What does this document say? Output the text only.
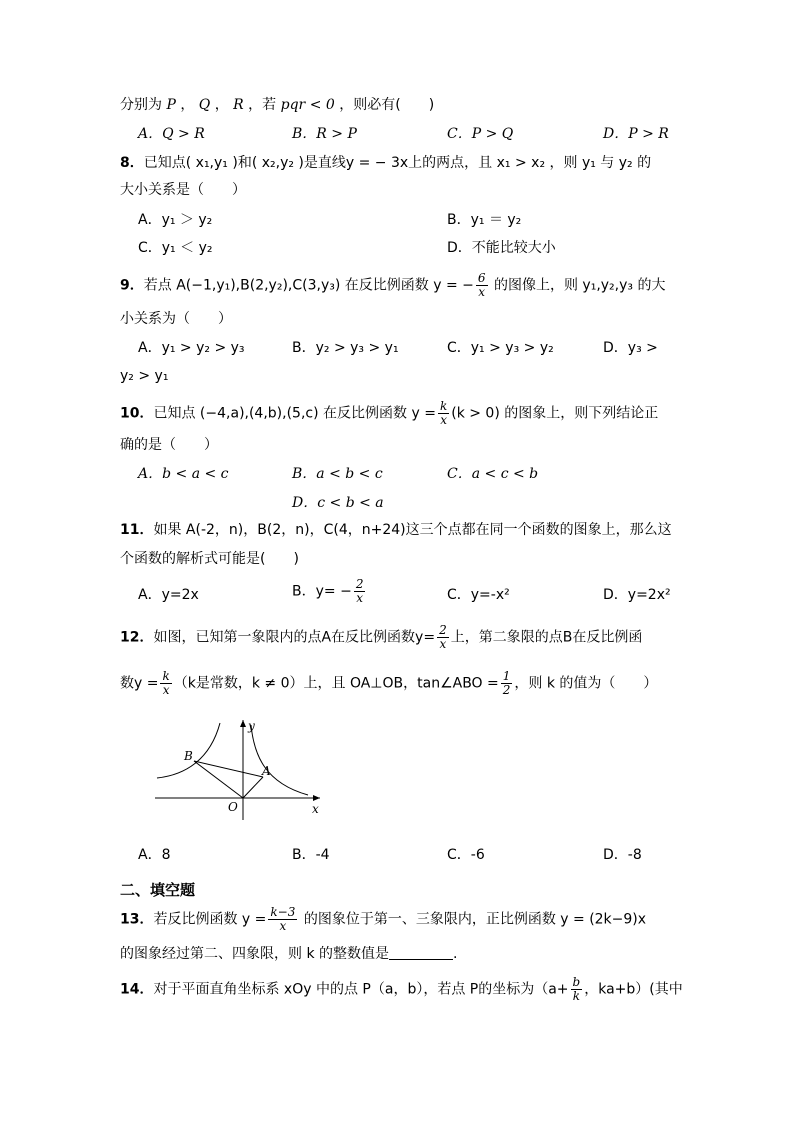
分别为 P ， Q ， R ，若 pqr < 0 ，则必有(　　 )
A．Q > R	B．R > P	C．P > Q	D．P > R
8．已知点( x₁,y₁ )和( x₂,y₂ )是直线y = − 3x上的两点，且 x₁ > x₂ ，则 y₁ 与 y₂ 的
大小关系是（　　）
A．y₁ ＞ y₂	B．y₁ ＝ y₂
C．y₁ ＜ y₂	D．不能比较大小
9．若点 A(−1,y₁),B(2,y₂),C(3,y₃) 在反比例函数 y = − $\frac{6}{x}$ 的图像上，则 y₁,y₂,y₃ 的大
小关系为（　　）
A．y₁ > y₂ > y₃	B．y₂ > y₃ > y₁	C．y₁ > y₃ > y₂	D．y₃ >
y₂ > y₁
10．已知点 (−4,a),(4,b),(5,c) 在反比例函数 $y = \frac{k}{x} (k > 0)$ 的图象上，则下列结论正
确的是（　　）
A．b < a < c	B．a < b < c	C．a < c < b
D．c < b < a
11．如果 A(-2，n)，B(2，n)，C(4，n+24)这三个点都在同一个函数的图象上，那么这
个函数的解析式可能是(　　)
A．y=2x	B．$y= - \frac{2}{x}$	C．y=-x²	D．y=2x²
12．如图，已知第一象限内的点A在反比例函数$y= \frac{2}{x}$ 上，第二象限的点B在反比例函
数$y = \frac{k}{x} (k$是常数，k ≠ 0）上，且 OA⊥OB，tan∠ABO = $\frac{1}{2}$ ，则 k 的值为（　　）
y
x
O
A
B
A．8	B．-4	C．-6	D．-8
二、填空题
13．若反比例函数 $y = \frac{k-3}{x}$ 的图象位于第一、三象限内，正比例函数 y = (2k−9)x
的图象经过第二、四象限，则 k 的整数值是	.
14．对于平面直角坐标系 xOy 中的点 P（a，b），若点 P的坐标为（$a+ \frac{b}{k}$ ，ka+b）(其中
